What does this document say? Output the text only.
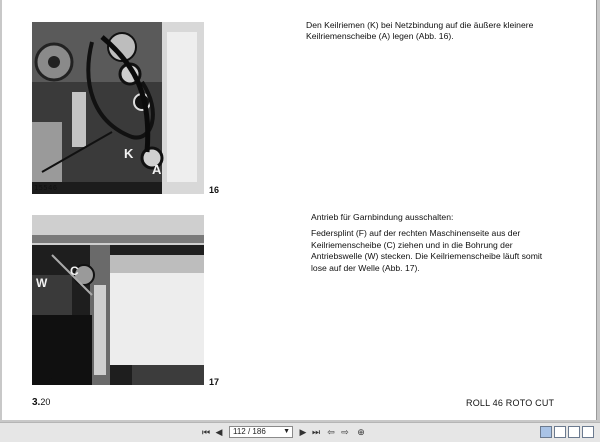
K
A
15546	16
W
C
14764	17

Den Keilriemen (K) bei Netzbindung auf die äußere kleinere Keilriemenscheibe (A) legen (Abb. 16).

Antrieb für Garnbindung ausschalten:

Federsplint (F) auf der rechten Maschinenseite aus der Keilriemenscheibe (C) ziehen und in die Bohrung der Antriebswelle (W) stecken. Die Keilriemenscheibe läuft somit lose auf der Welle (Abb. 17).

3.20	ROLL 46 ROTO CUT
⏮ ◀	112 / 186 ▼ ▶ ⏭ ⇦ ⇨ ⊕
